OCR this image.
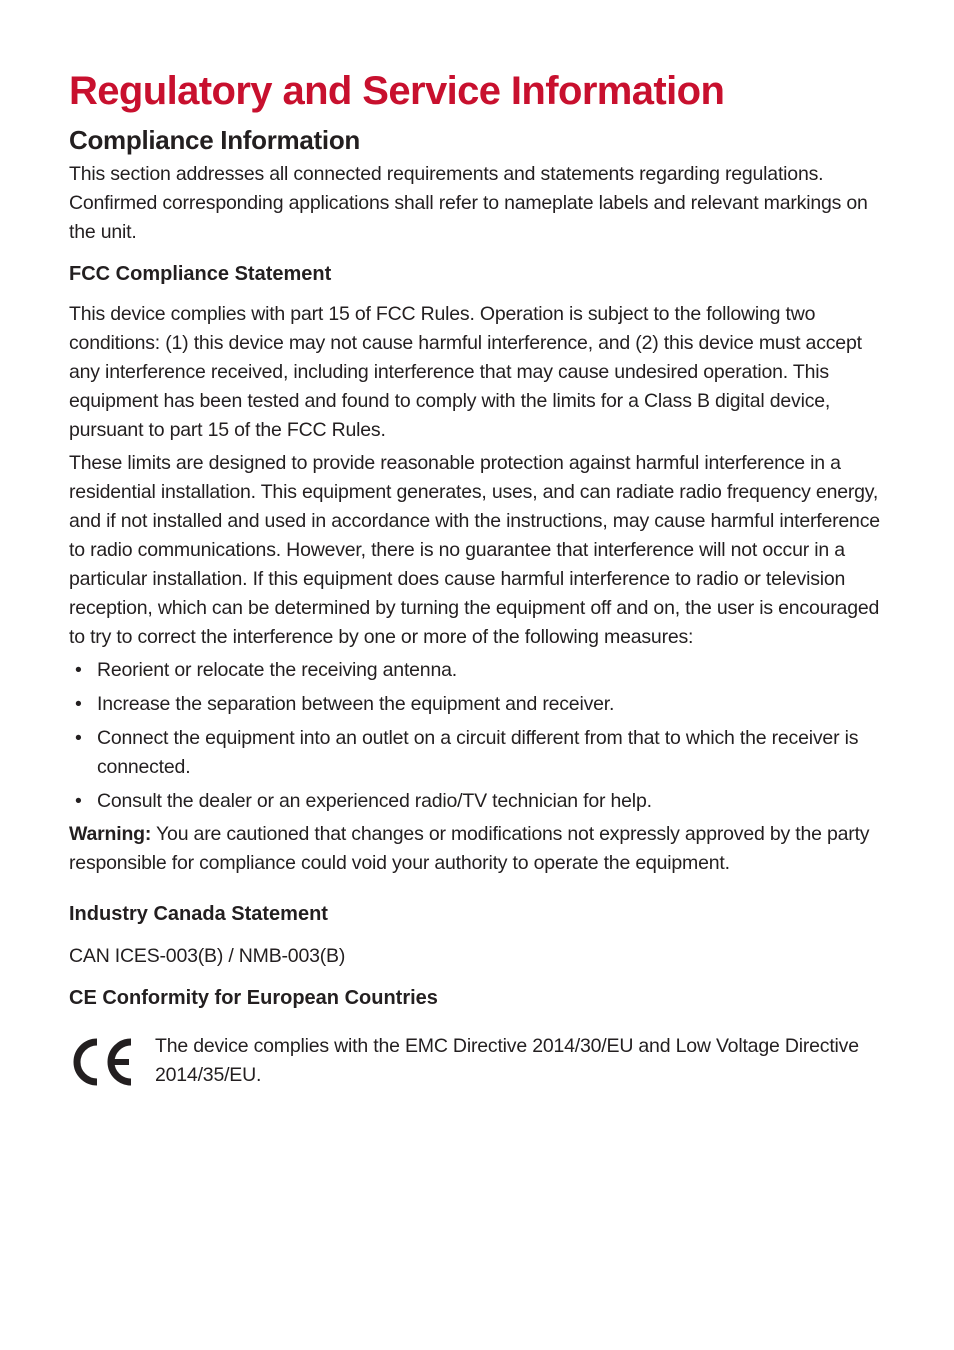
Regulatory and Service Information
Compliance Information

This section addresses all connected requirements and statements regarding regulations. Confirmed corresponding applications shall refer to nameplate labels and relevant markings on the unit.

FCC Compliance Statement

This device complies with part 15 of FCC Rules. Operation is subject to the following two conditions: (1) this device may not cause harmful interference, and (2) this device must accept any interference received, including interference that may cause undesired operation. This equipment has been tested and found to comply with the limits for a Class B digital device, pursuant to part 15 of the FCC Rules.

These limits are designed to provide reasonable protection against harmful interference in a residential installation. This equipment generates, uses, and can radiate radio frequency energy, and if not installed and used in accordance with the instructions, may cause harmful interference to radio communications. However, there is no guarantee that interference will not occur in a particular installation. If this equipment does cause harmful interference to radio or television reception, which can be determined by turning the equipment off and on, the user is encouraged to try to correct the interference by one or more of the following measures:

• Reorient or relocate the receiving antenna.
• Increase the separation between the equipment and receiver.
• Connect the equipment into an outlet on a circuit different from that to which the receiver is connected.
• Consult the dealer or an experienced radio/TV technician for help.

Warning: You are cautioned that changes or modifications not expressly approved by the party responsible for compliance could void your authority to operate the equipment.

Industry Canada Statement

CAN ICES-003(B) / NMB-003(B)

CE Conformity for European Countries

The device complies with the EMC Directive 2014/30/EU and Low Voltage Directive 2014/35/EU.
